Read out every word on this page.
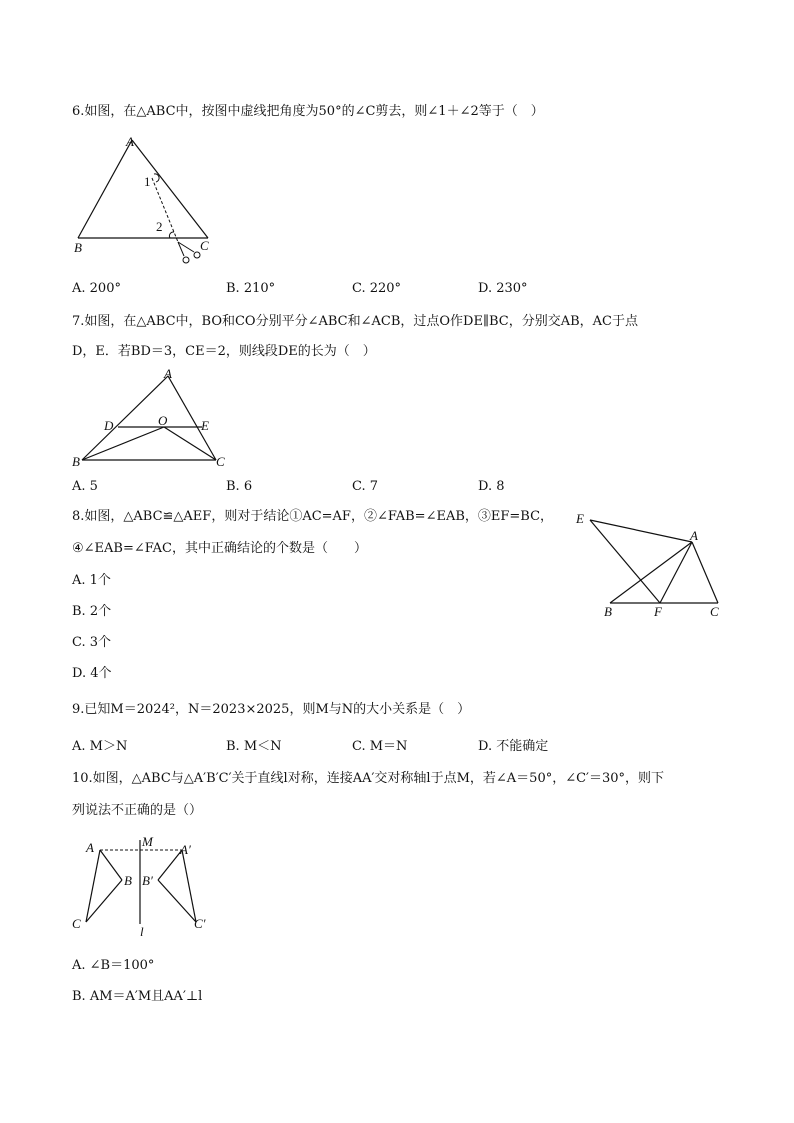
6.如图，在△ABC中，按图中虚线把角度为50°的∠C剪去，则∠1＋∠2等于（　）
A
B	C
1
2
A. 200°	B. 210°	C. 220°	D. 230°
7.如图，在△ABC中，BO和CO分别平分∠ABC和∠ACB，过点O作DE∥BC，分别交AB，AC于点
D，E．若BD＝3，CE＝2，则线段DE的长为（　）
A
D	O	E
B	C
A. 5	B. 6	C. 7	D. 8
8.如图，△ABC≌△AEF，则对于结论①AC=AF，②∠FAB=∠EAB，③EF=BC，
④∠EAB=∠FAC，其中正确结论的个数是（　　）
A. 1个
B. 2个
C. 3个
D. 4个
E
A
B	F	C
9.已知M＝2024²，N＝2023×2025，则M与N的大小关系是（　）
A. M＞N	B. M＜N	C. M＝N	D. 不能确定
10.如图，△ABC与△A′B′C′关于直线l对称，连接AA′交对称轴l于点M，若∠A＝50°，∠C′＝30°，则下
列说法不正确的是（）
A	M
A′
B B′
C	C′
l
A. ∠B＝100°
B. AM＝A′M且AA′⊥l
